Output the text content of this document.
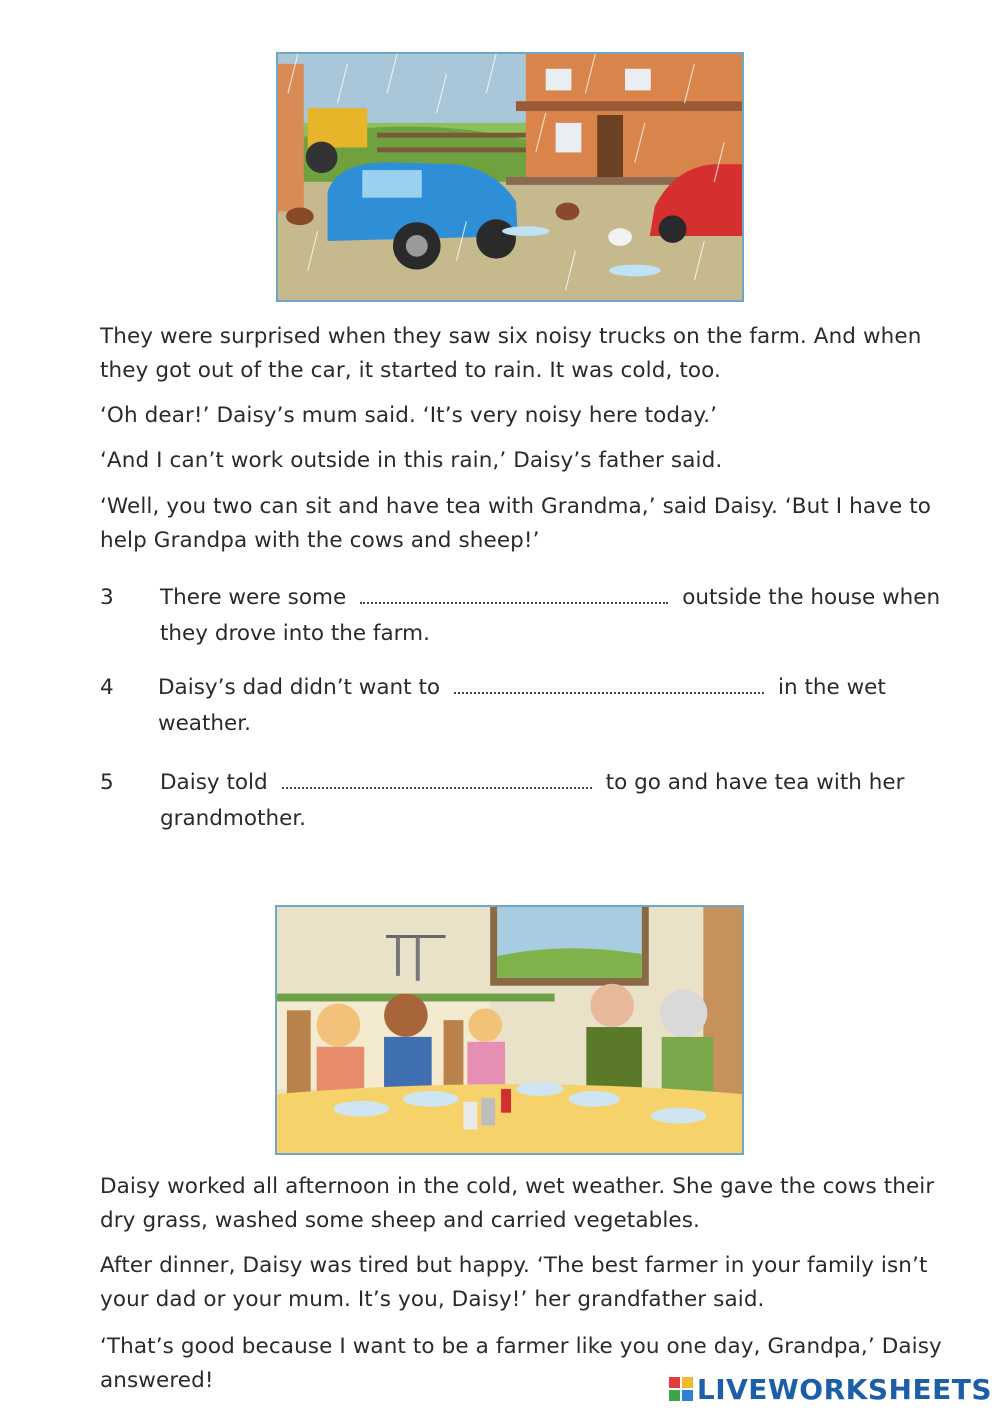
They were surprised when they saw six noisy trucks on the farm. And when they got out of the car, it started to rain. It was cold, too.

‘Oh dear!’ Daisy’s mum said. ‘It’s very noisy here today.’

‘And I can’t work outside in this rain,’ Daisy’s father said.

‘Well, you two can sit and have tea with Grandma,’ said Daisy. ‘But I have to help Grandpa with the cows and sheep!’

3 There were some	outside the house when
they drove into the farm.
4 Daisy’s dad didn’t want to	in the wet
weather.
5 Daisy told	to go and have tea with her
grandmother.

Daisy worked all afternoon in the cold, wet weather. She gave the cows their dry grass, washed some sheep and carried vegetables.

After dinner, Daisy was tired but happy. ‘The best farmer in your family isn’t your dad or your mum. It’s you, Daisy!’ her grandfather said.

‘That’s good because I want to be a farmer like you one day, Grandpa,’ Daisy answered!	LIVEWORKSHEETS
